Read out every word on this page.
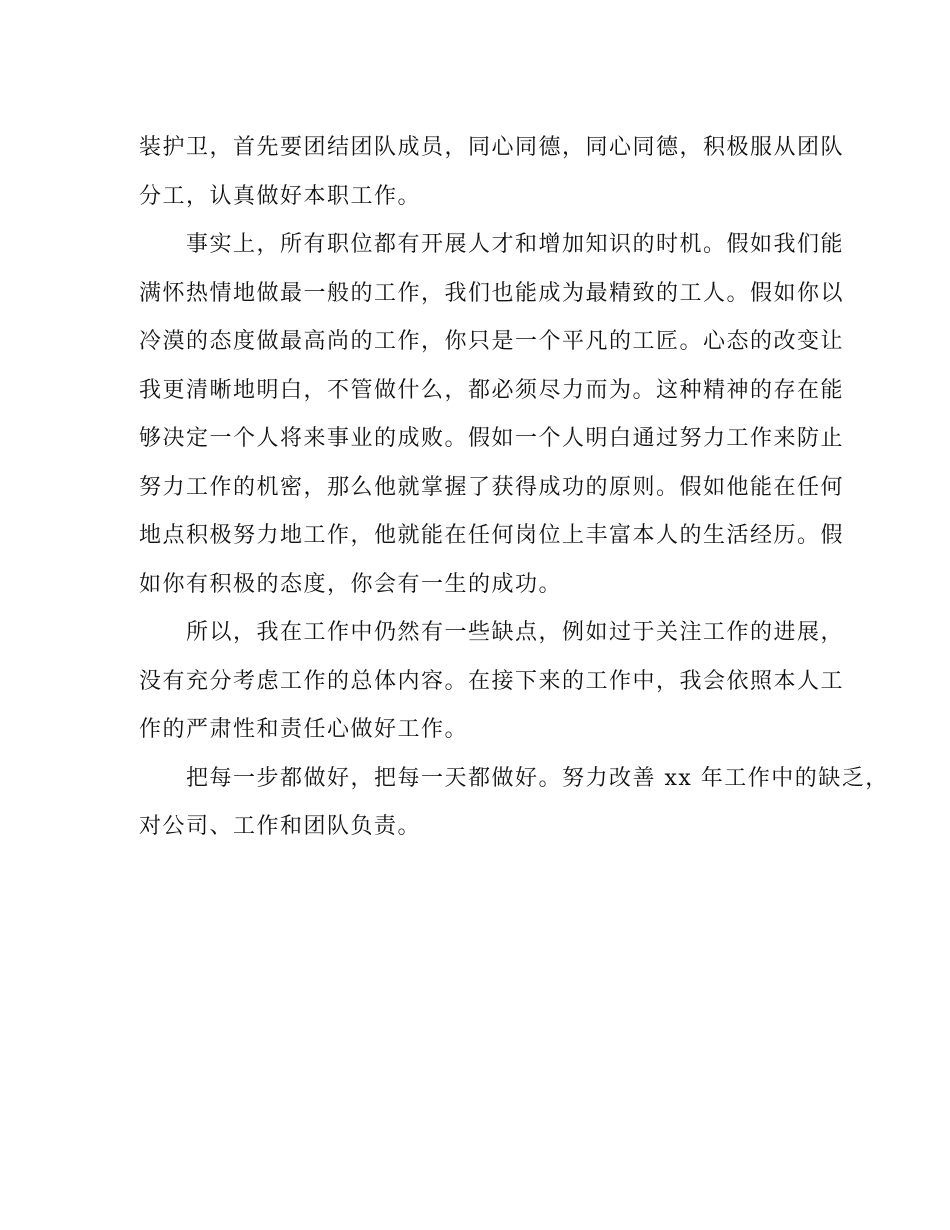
装护卫，首先要团结团队成员，同心同德，同心同德，积极服从团队
分工，认真做好本职工作。
　　事实上，所有职位都有开展人才和增加知识的时机。假如我们能
满怀热情地做最一般的工作，我们也能成为最精致的工人。假如你以
冷漠的态度做最高尚的工作，你只是一个平凡的工匠。心态的改变让
我更清晰地明白，不管做什么，都必须尽力而为。这种精神的存在能
够决定一个人将来事业的成败。假如一个人明白通过努力工作来防止
努力工作的机密，那么他就掌握了获得成功的原则。假如他能在任何
地点积极努力地工作，他就能在任何岗位上丰富本人的生活经历。假
如你有积极的态度，你会有一生的成功。
　　所以，我在工作中仍然有一些缺点，例如过于关注工作的进展，
没有充分考虑工作的总体内容。在接下来的工作中，我会依照本人工
作的严肃性和责任心做好工作。
　　把每一步都做好，把每一天都做好。努力改善 xx 年工作中的缺乏，
对公司、工作和团队负责。
